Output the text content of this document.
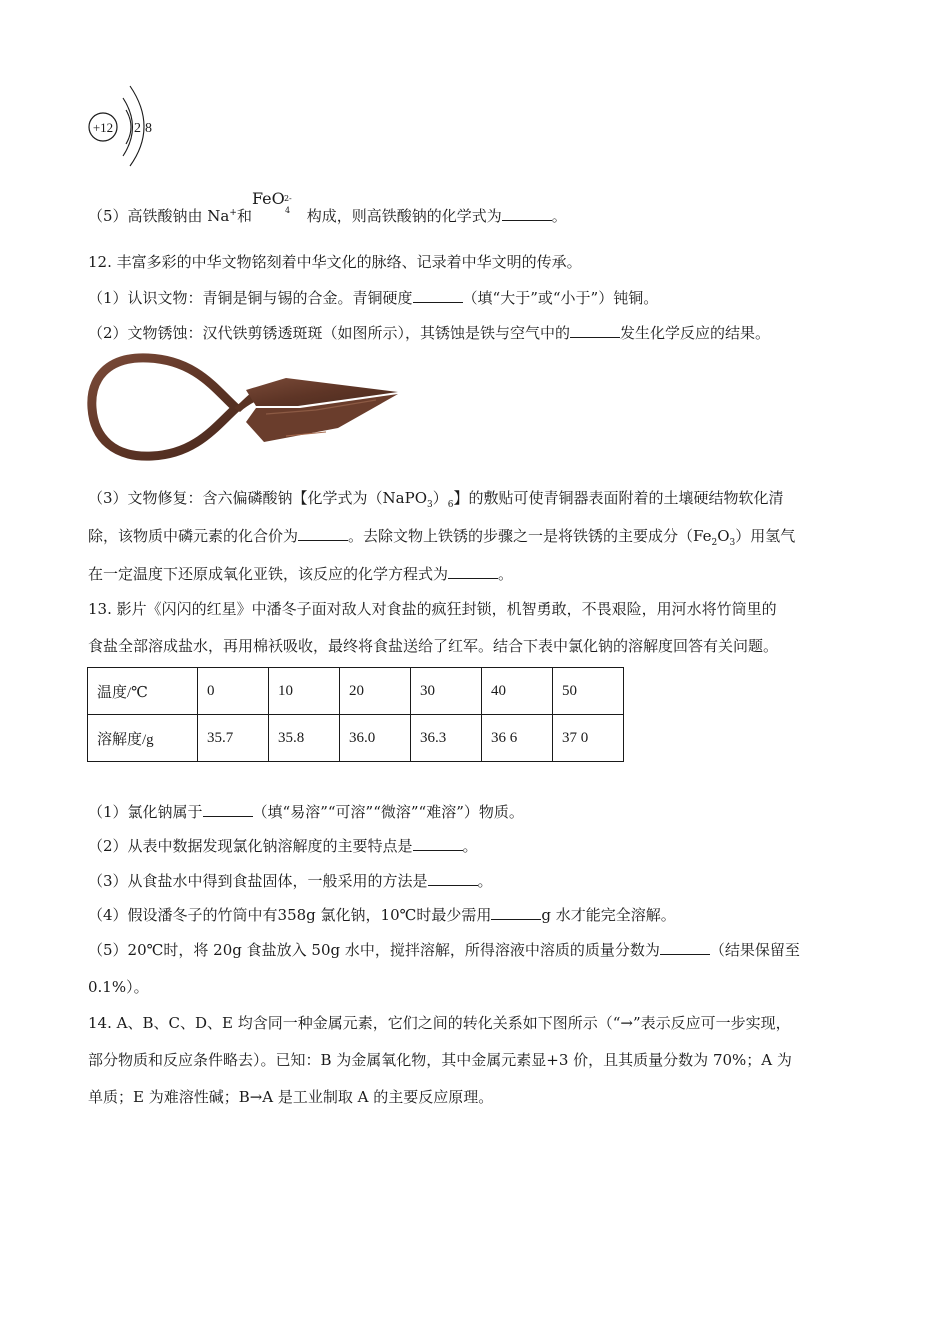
+12 2 8
（5）高铁酸钠由 Na+和
FeO 2-
4 构成，则高铁酸钠的化学式为	。
12. 丰富多彩的中华文物铭刻着中华文化的脉络、记录着中华文明的传承。
（1）认识文物：青铜是铜与锡的合金。青铜硬度	（填“大于”或“小于”）钝铜。
（2）文物锈蚀：汉代铁剪锈透斑斑（如图所示），其锈蚀是铁与空气中的	发生化学反应的结果。
（3）文物修复：含六偏磷酸钠【化学式为$(NaPO_3)_6$】的敷贴可使青铜器表面附着的土壤硬结物软化清
除，该物质中磷元素的化合价为	。去除文物上铁锈的步骤之一是将铁锈的主要成分$(Fe_2O_3)$用氢气
在一定温度下还原成氧化亚铁，该反应的化学方程式为	。
13. 影片《闪闪的红星》中潘冬子面对敌人对食盐的疯狂封锁，机智勇敢，不畏艰险，用河水将竹筒里的
食盐全部溶成盐水，再用棉袄吸收，最终将食盐送给了红军。结合下表中氯化钠的溶解度回答有关问题。
温度/℃	0	10	20	30	40	50
溶解度/g	35.7	35.8	36.0	36.3	36 6	37 0
（1）氯化钠属于	（填“易溶”“可溶”“微溶”“难溶”）物质。
（2）从表中数据发现氯化钠溶解度的主要特点是	。
（3）从食盐水中得到食盐固体，一般采用的方法是	。
（4）假设潘冬子的竹筒中有358g 氯化钠，10℃时最少需用	g 水才能完全溶解。
（5）20℃时，将 20g 食盐放入 50g 水中，搅拌溶解，所得溶液中溶质的质量分数为	（结果保留至
0.1%）。
14. A、B、C、D、E 均含同一种金属元素，它们之间的转化关系如下图所示（“→”表示反应可一步实现，
部分物质和反应条件略去）。已知：B 为金属氧化物，其中金属元素显+3 价，且其质量分数为 70%；A 为
单质；E 为难溶性碱；B→A 是工业制取 A 的主要反应原理。
